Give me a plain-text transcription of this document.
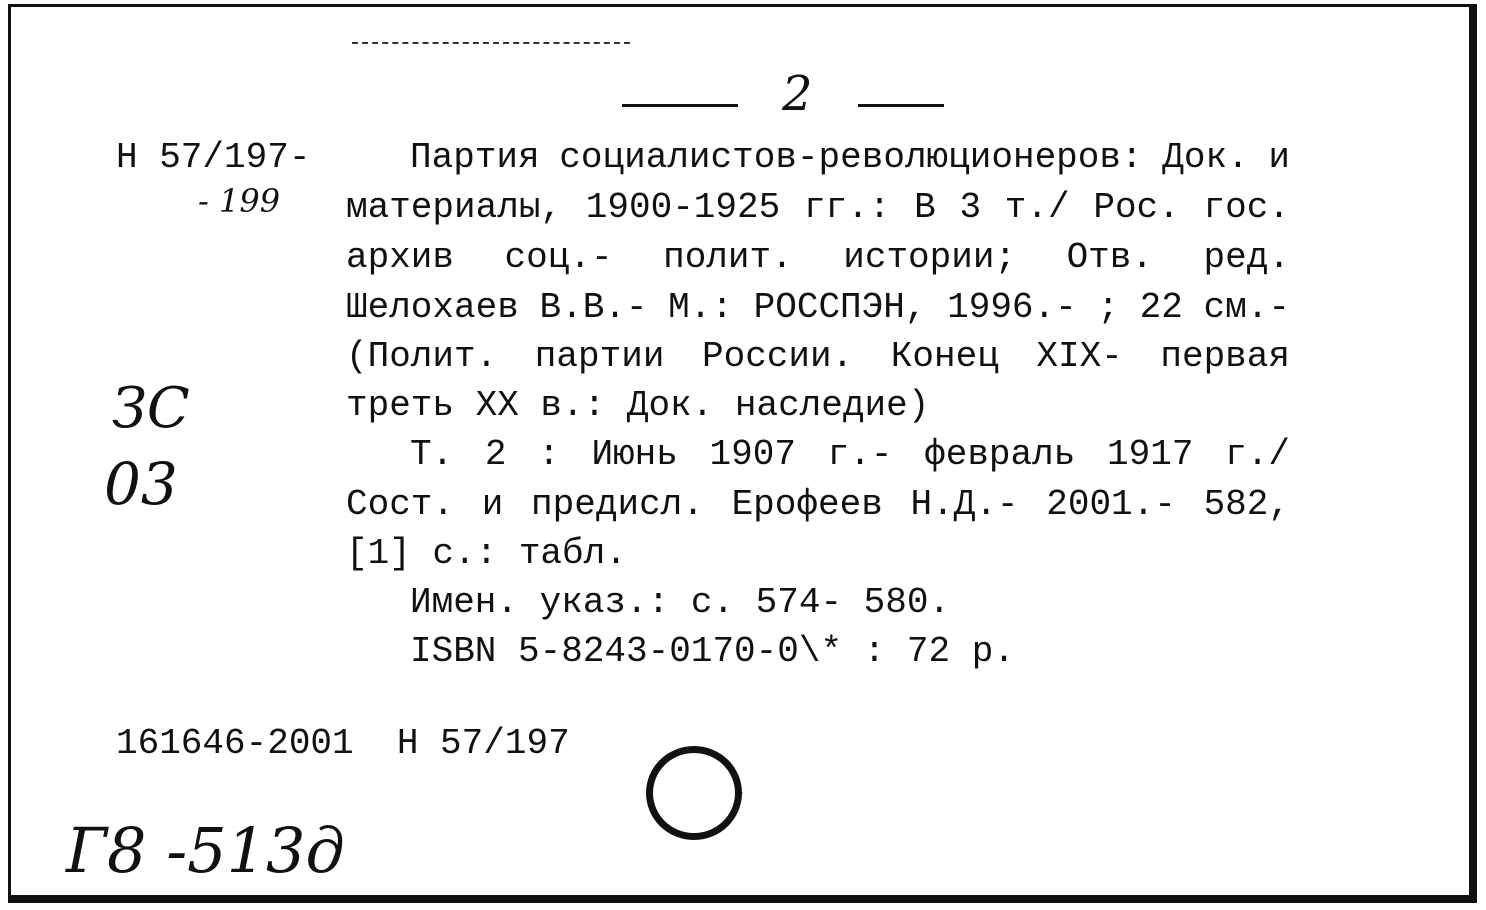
2
Н 57/197-
- 199
ЗС
03
Партия социалистов-революционеров: Док. и
материалы, 1900-1925 гг.: В 3 т./ Рос. гос.
архив соц.- полит. истории; Отв. ред.
Шелохаев В.В.- М.: РОССПЭН, 1996.- ; 22 см.-
(Полит. партии России. Конец XIX- первая
треть XX в.: Док. наследие)
Т. 2 : Июнь 1907 г.- февраль 1917 г./
Сост. и предисл. Ерофеев Н.Д.- 2001.- 582,
[1] с.: табл.
Имен. указ.: с. 574- 580.
ISBN 5-8243-0170-0\* : 72 р.
161646-2001  Н 57/197
⸗
Г8 -513д
